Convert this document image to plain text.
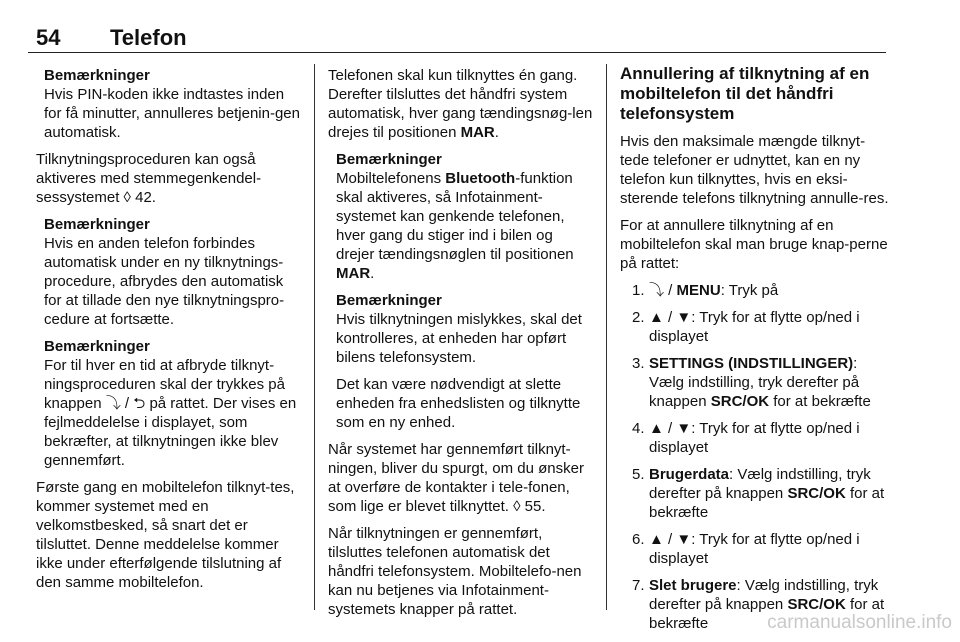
54 Telefon
Bemærkninger

Hvis PIN-koden ikke indtastes inden for få minutter, annulleres betjenin-gen automatisk.

Tilknytningsproceduren kan også aktiveres med stemmegenkendel-sessystemet ◊ 42.

Bemærkninger

Hvis en anden telefon forbindes automatisk under en ny tilknytnings-procedure, afbrydes den automatisk for at tillade den nye tilknytningspro-cedure at fortsætte.

Bemærkninger

For til hver en tid at afbryde tilknyt-ningsproceduren skal der trykkes på knappen ⤵ / ⮌ på rattet. Der vises en fejlmeddelelse i displayet, som bekræfter, at tilknytningen ikke blev gennemført.

Første gang en mobiltelefon tilknyt-tes, kommer systemet med en velkomstbesked, så snart det er tilsluttet. Denne meddelelse kommer ikke under efterfølgende tilslutning af den samme mobiltelefon.

Telefonen skal kun tilknyttes én gang. Derefter tilsluttes det håndfri system automatisk, hver gang tændingsnøg-len drejes til positionen MAR.

Bemærkninger

Mobiltelefonens Bluetooth-funktion skal aktiveres, så Infotainment-systemet kan genkende telefonen, hver gang du stiger ind i bilen og drejer tændingsnøglen til positionen MAR.

Bemærkninger

Hvis tilknytningen mislykkes, skal det kontrolleres, at enheden har opført bilens telefonsystem.

Det kan være nødvendigt at slette enheden fra enhedslisten og tilknytte som en ny enhed.

Når systemet har gennemført tilknyt-ningen, bliver du spurgt, om du ønsker at overføre de kontakter i tele-fonen, som lige er blevet tilknyttet. ◊ 55.

Når tilknytningen er gennemført, tilsluttes telefonen automatisk det håndfri telefonsystem. Mobiltelefo-nen kan nu betjenes via Infotainment-systemets knapper på rattet.

Annullering af tilknytning af en mobiltelefon til det håndfri telefonsystem

Hvis den maksimale mængde tilknyt-tede telefoner er udnyttet, kan en ny telefon kun tilknyttes, hvis en eksi-sterende telefons tilknytning annulle-res.

For at annullere tilknytning af en mobiltelefon skal man bruge knap-perne på rattet:

1. ⤵ / MENU: Tryk på
2. ▲ / ▼: Tryk for at flytte op/ned i displayet
3. SETTINGS (INDSTILLINGER): Vælg indstilling, tryk derefter på knappen SRC/OK for at bekræfte
4. ▲ / ▼: Tryk for at flytte op/ned i displayet
5. Brugerdata: Vælg indstilling, tryk derefter på knappen SRC/OK for at bekræfte
6. ▲ / ▼: Tryk for at flytte op/ned i displayet
7. Slet brugere: Vælg indstilling, tryk derefter på knappen SRC/OK for at bekræfte	carmanualsonline.info
